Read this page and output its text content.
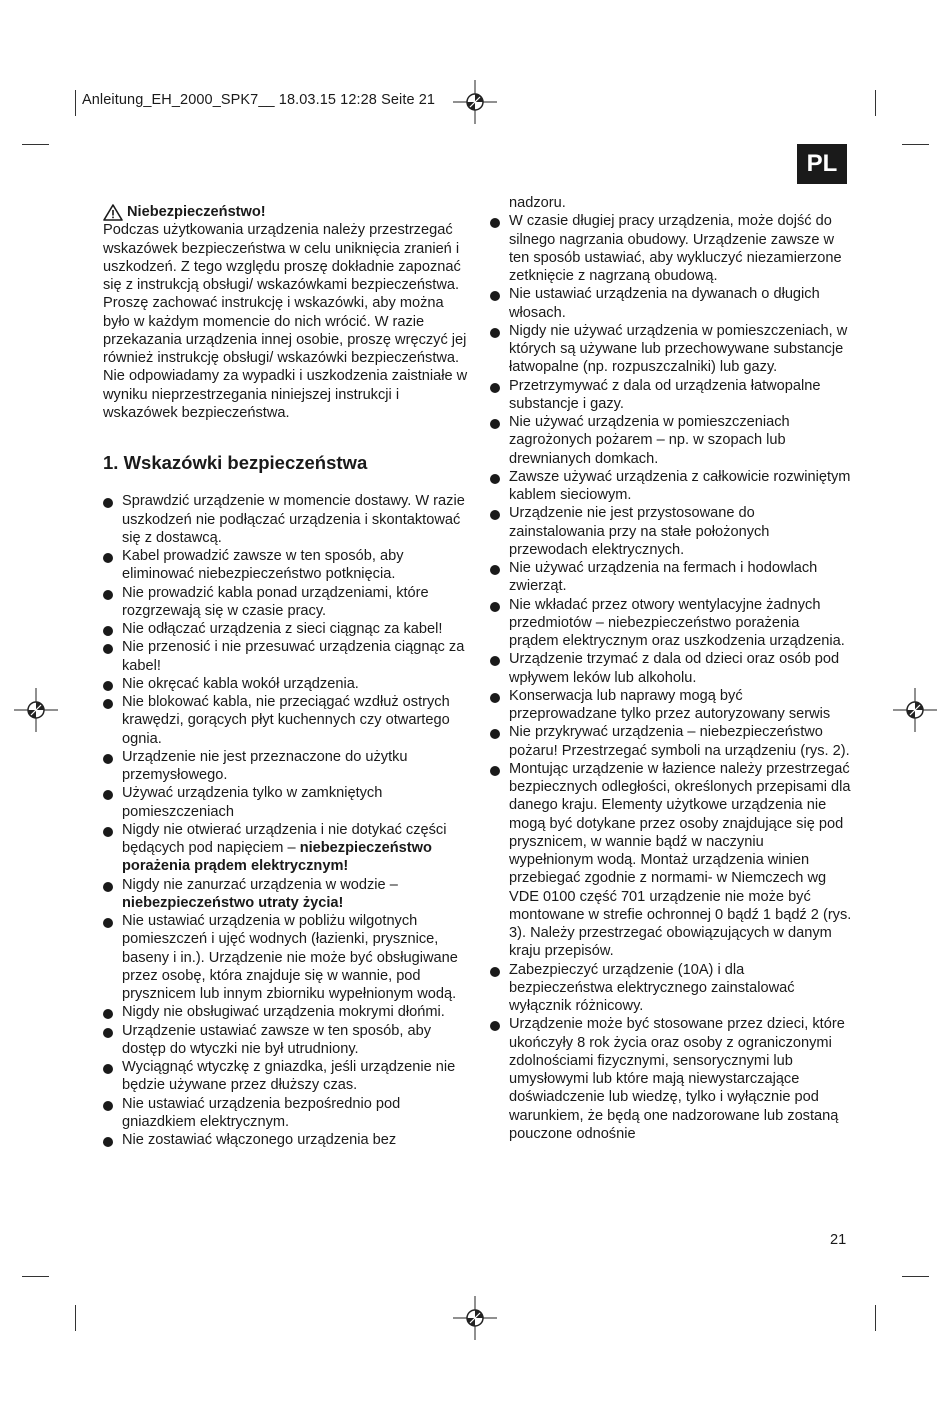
Anleitung_EH_2000_SPK7__ 18.03.15 12:28 Seite 21
PL
Niebezpieczeństwo!
Podczas użytkowania urządzenia należy przestrzegać wskazówek bezpieczeństwa w celu uniknięcia zranień i uszkodzeń. Z tego względu proszę dokładnie zapoznać się z instrukcją obsługi/ wskazówkami bezpieczeństwa. Proszę zachować instrukcję i wskazówki, aby można było w każdym momencie do nich wrócić. W razie przekazania urządzenia innej osobie, proszę wręczyć jej również instrukcję obsługi/ wskazówki bezpieczeństwa. Nie odpowiadamy za wypadki i uszkodzenia zaistniałe w wyniku nieprzestrzegania niniejszej instrukcji i wskazówek bezpieczeństwa.
1. Wskazówki bezpieczeństwa
Sprawdzić urządzenie w momencie dostawy. W razie uszkodzeń nie podłączać urządzenia i skontaktować się z dostawcą.
Kabel prowadzić zawsze w ten sposób, aby eliminować niebezpieczeństwo potknięcia.
Nie prowadzić kabla ponad urządzeniami, które rozgrzewają się w czasie pracy.
Nie odłączać urządzenia z sieci ciągnąc za kabel!
Nie przenosić i nie przesuwać urządzenia ciągnąc za kabel!
Nie okręcać kabla wokół urządzenia.
Nie blokować kabla, nie przeciągać wzdłuż ostrych krawędzi, gorących płyt kuchennych czy otwartego ognia.
Urządzenie nie jest przeznaczone do użytku przemysłowego.
Używać urządzenia tylko w zamkniętych pomieszczeniach
Nigdy nie otwierać urządzenia i nie dotykać części będących pod napięciem – niebezpieczeństwo porażenia prądem elektrycznym!
Nigdy nie zanurzać urządzenia w wodzie – niebezpieczeństwo utraty życia!
Nie ustawiać urządzenia w pobliżu wilgotnych pomieszczeń i ujęć wodnych (łazienki, prysznice, baseny i in.). Urządzenie nie może być obsługiwane przez osobę, która znajduje się w wannie, pod prysznicem lub innym zbiorniku wypełnionym wodą.
Nigdy nie obsługiwać urządzenia mokrymi dłońmi.
Urządzenie ustawiać zawsze w ten sposób, aby dostęp do wtyczki nie był utrudniony.
Wyciągnąć wtyczkę z gniazdka, jeśli urządzenie nie będzie używane przez dłuższy czas.
Nie ustawiać urządzenia bezpośrednio pod gniazdkiem elektrycznym.
Nie zostawiać włączonego urządzenia bez
nadzoru.
W czasie długiej pracy urządzenia, może dojść do silnego nagrzania obudowy. Urządzenie zawsze w ten sposób ustawiać, aby wykluczyć niezamierzone zetknięcie z nagrzaną obudową.
Nie ustawiać urządzenia na dywanach o długich włosach.
Nigdy nie używać urządzenia w pomieszczeniach, w których są używane lub przechowywane substancje łatwopalne (np. rozpuszczalniki) lub gazy.
Przetrzymywać z dala od urządzenia łatwopalne substancje i gazy.
Nie używać urządzenia w pomieszczeniach zagrożonych pożarem – np. w szopach lub drewnianych domkach.
Zawsze używać urządzenia z całkowicie rozwiniętym kablem sieciowym.
Urządzenie nie jest przystosowane do zainstalowania przy na stałe położonych przewodach elektrycznych.
Nie używać urządzenia na fermach i hodowlach zwierząt.
Nie wkładać przez otwory wentylacyjne żadnych przedmiotów – niebezpieczeństwo porażenia prądem elektrycznym oraz uszkodzenia urządzenia.
Urządzenie trzymać z dala od dzieci oraz osób pod wpływem leków lub alkoholu.
Konserwacja lub naprawy mogą być przeprowadzane tylko przez autoryzowany serwis
Nie przykrywać urządzenia – niebezpieczeństwo pożaru! Przestrzegać symboli na urządzeniu (rys. 2).
Montując urządzenie w łazience należy przestrzegać bezpiecznych odległości, określonych przepisami dla danego kraju. Elementy użytkowe urządzenia nie mogą być dotykane przez osoby znajdujące się pod prysznicem, w wannie bądź w naczyniu wypełnionym wodą. Montaż urządzenia winien przebiegać zgodnie z normami- w Niemczech wg VDE 0100 część 701 urządzenie nie może być montowane w strefie ochronnej 0 bądź 1 bądź 2 (rys. 3). Należy przestrzegać obowiązujących w danym kraju przepisów.
Zabezpieczyć urządzenie (10A) i dla bezpieczeństwa elektrycznego zainstalować wyłącznik różnicowy.
Urządzenie może być stosowane przez dzieci, które ukończyły 8 rok życia oraz osoby z ograniczonymi zdolnościami fizycznymi, sensorycznymi lub umysłowymi lub które mają niewystarczające doświadczenie lub wiedzę, tylko i wyłącznie pod warunkiem, że będą one nadzorowane lub zostaną pouczone odnośnie
21
